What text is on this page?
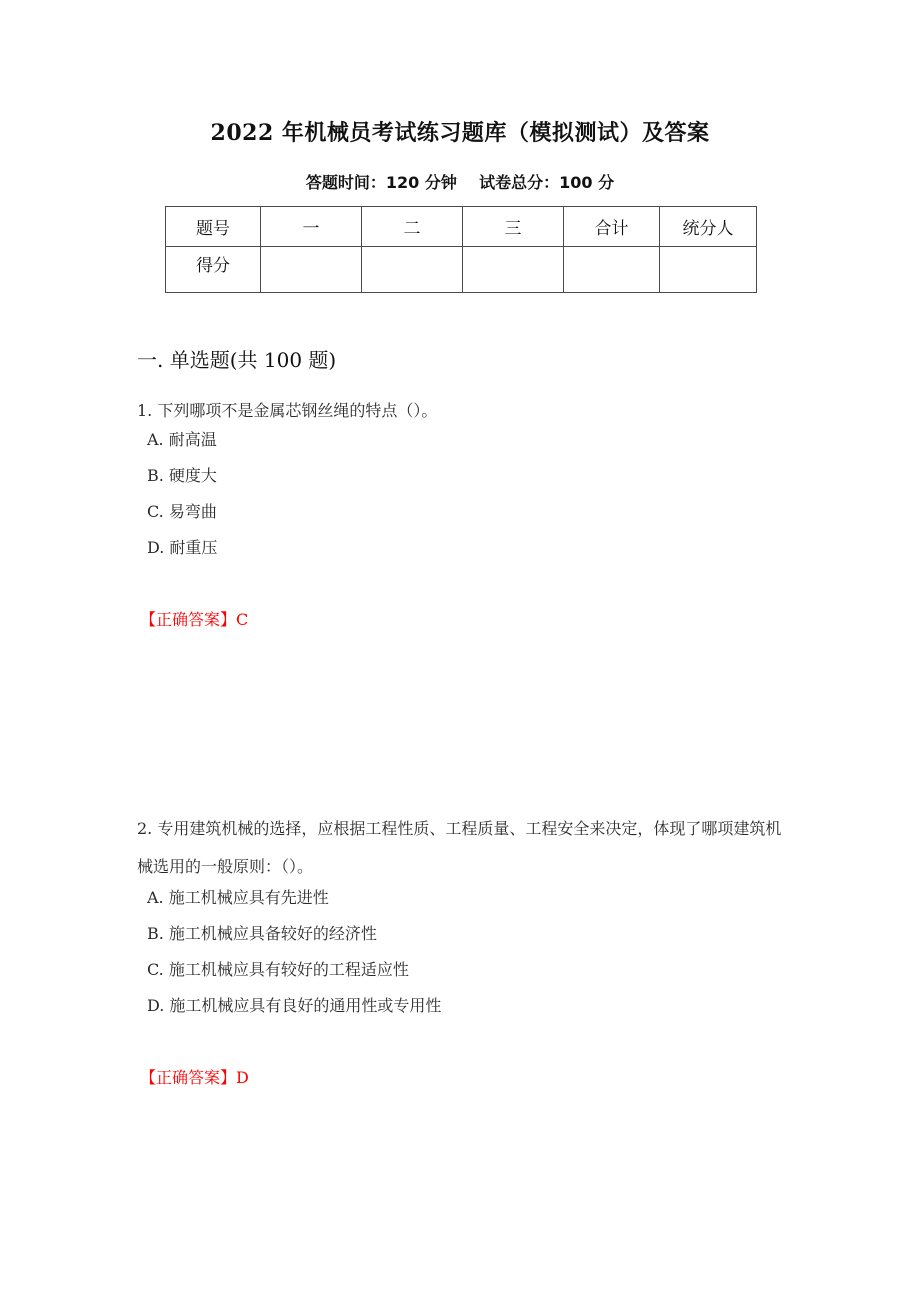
2022 年机械员考试练习题库（模拟测试）及答案
答题时间：120 分钟    试卷总分：100 分
题号	一	二	三	合计	统分人
得分					
一. 单选题(共 100 题)
1. 下列哪项不是金属芯钢丝绳的特点（）。
A. 耐高温
B. 硬度大
C. 易弯曲
D. 耐重压
【正确答案】C
2. 专用建筑机械的选择，应根据工程性质、工程质量、工程安全来决定，体现了哪项建筑机械选用的一般原则：（）。
A. 施工机械应具有先进性
B. 施工机械应具备较好的经济性
C. 施工机械应具有较好的工程适应性
D. 施工机械应具有良好的通用性或专用性
【正确答案】D
